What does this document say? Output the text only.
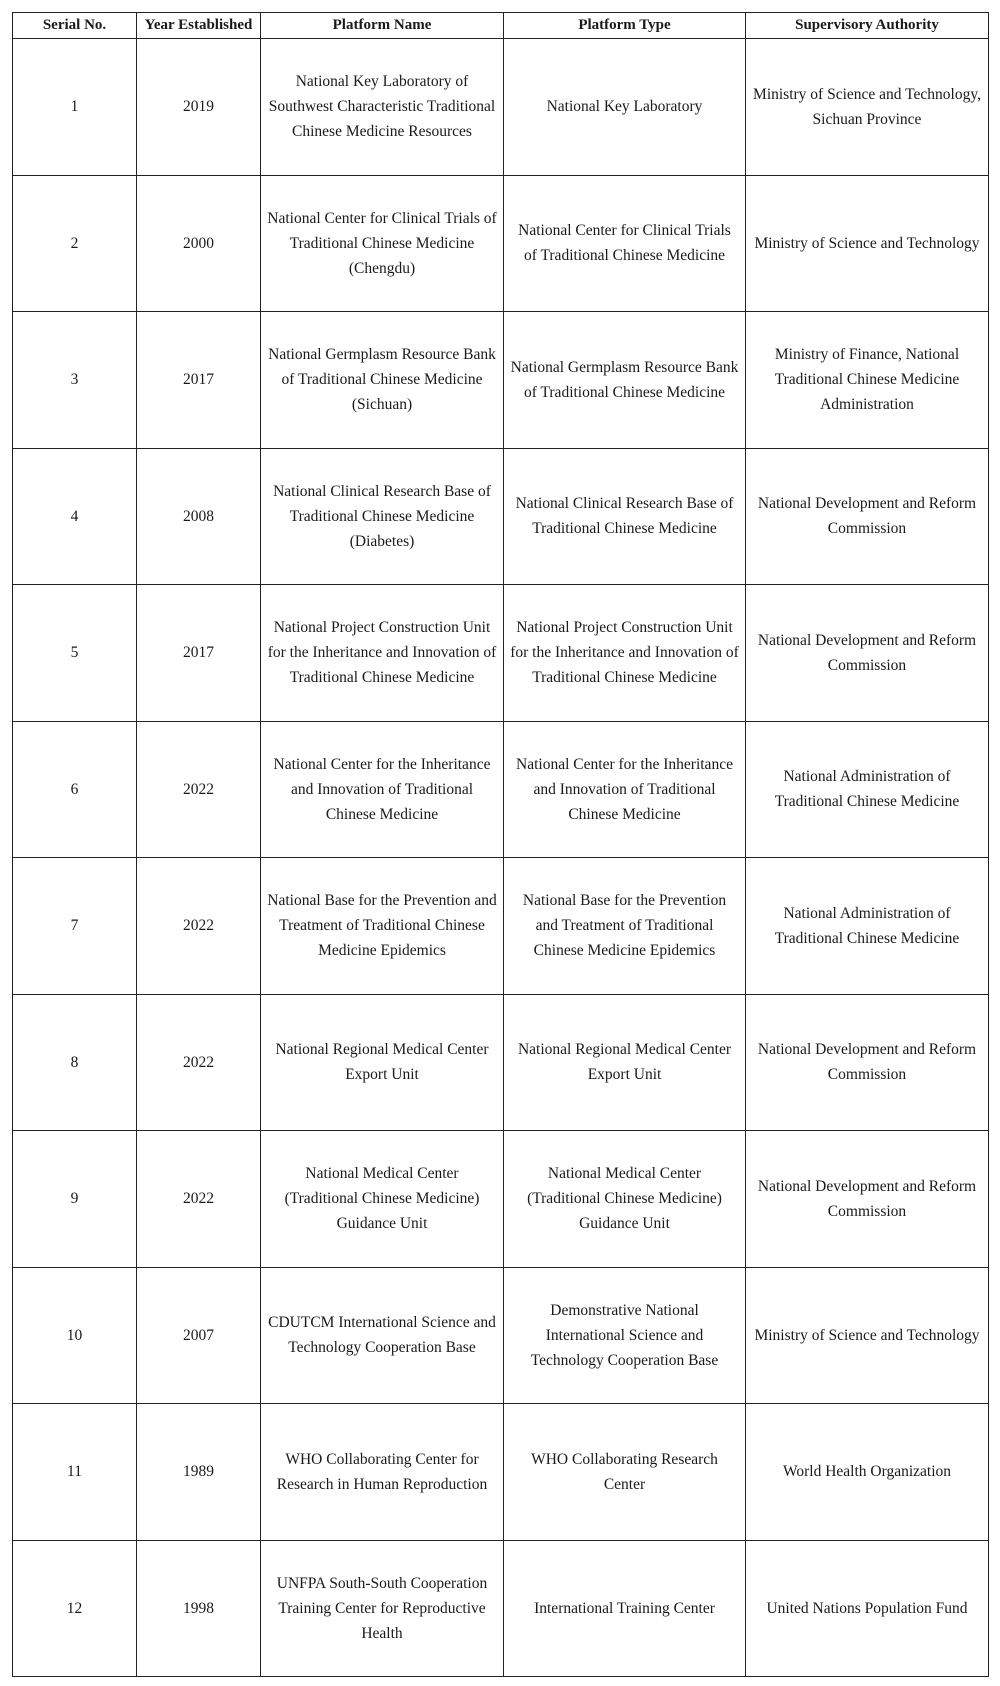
Serial No.	Year Established	Platform Name	Platform Type	Supervisory Authority
1	2019	National Key Laboratory of Southwest Characteristic Traditional Chinese Medicine Resources	National Key Laboratory	Ministry of Science and Technology, Sichuan Province
2	2000	National Center for Clinical Trials of Traditional Chinese Medicine (Chengdu)	National Center for Clinical Trials of Traditional Chinese Medicine	Ministry of Science and Technology
3	2017	National Germplasm Resource Bank of Traditional Chinese Medicine (Sichuan)	National Germplasm Resource Bank of Traditional Chinese Medicine	Ministry of Finance, National Traditional Chinese Medicine Administration
4	2008	National Clinical Research Base of Traditional Chinese Medicine (Diabetes)	National Clinical Research Base of Traditional Chinese Medicine	National Development and Reform Commission
5	2017	National Project Construction Unit for the Inheritance and Innovation of Traditional Chinese Medicine	National Project Construction Unit for the Inheritance and Innovation of Traditional Chinese Medicine	National Development and Reform Commission
6	2022	National Center for the Inheritance and Innovation of Traditional Chinese Medicine	National Center for the Inheritance and Innovation of Traditional Chinese Medicine	National Administration of Traditional Chinese Medicine
7	2022	National Base for the Prevention and Treatment of Traditional Chinese Medicine Epidemics	National Base for the Prevention and Treatment of Traditional Chinese Medicine Epidemics	National Administration of Traditional Chinese Medicine
8	2022	National Regional Medical Center Export Unit	National Regional Medical Center Export Unit	National Development and Reform Commission
9	2022	National Medical Center (Traditional Chinese Medicine) Guidance Unit	National Medical Center (Traditional Chinese Medicine) Guidance Unit	National Development and Reform Commission
10	2007	CDUTCM International Science and Technology Cooperation Base	Demonstrative National International Science and Technology Cooperation Base	Ministry of Science and Technology
11	1989	WHO Collaborating Center for Research in Human Reproduction	WHO Collaborating Research Center	World Health Organization
12	1998	UNFPA South-South Cooperation Training Center for Reproductive Health	International Training Center	United Nations Population Fund
